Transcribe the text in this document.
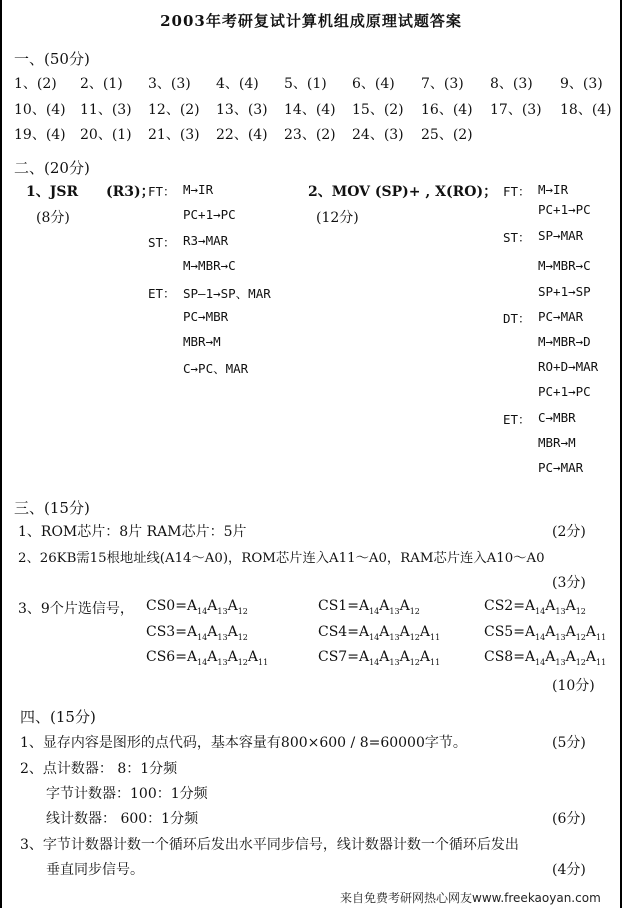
2003年考研复试计算机组成原理试题答案
一、(50分)
1、(2) 2、(1) 3、(3) 4、(4) 5、(1) 6、(4) 7、(3) 8、(3) 9、(3)
10、(4) 11、(3) 12、(2) 13、(3) 14、(4) 15、(2) 16、(4) 17、(3) 18、(4)
19、(4) 20、(1) 21、(3) 22、(4) 23、(2) 24、(3) 25、(2)
二、(20分)
1、JSR (R3)；
(8分)
FT： M→IR
PC+1→PC
ST： R3→MAR
M→MBR→C
ET： SP—1→SP、MAR
PC→MBR
MBR→M
C→PC、MAR
2、MOV (SP)+ , X(RO)；
(12分)
FT： M→IR
PC+1→PC
ST： SP→MAR
M→MBR→C
SP+1→SP
DT： PC→MAR
M→MBR→D
RO+D→MAR
PC+1→PC
ET： C→MBR
MBR→M
PC→MAR
三、(15分)
1、ROM芯片：8片 RAM芯片：5片	(2分)
2、26KB需15根地址线(A14～A0)，ROM芯片连入A11～A0，RAM芯片连入A10～A0
(3分)
3、9个片选信号， $CS0=A_{14}A_{13}A_{12}$	$CS1=A_{14}A_{13}A_{12}$	$CS2=A_{14}A_{13}A_{12}$
$CS3=A_{14}A_{13}A_{12}$	$CS4=A_{14}A_{13}A_{12}A_{11}$	$CS5=A_{14}A_{13}A_{12}A_{11}$
$CS6=A_{14}A_{13}A_{12}A_{11}$	$CS7=A_{14}A_{13}A_{12}A_{11}$	$CS8=A_{14}A_{13}A_{12}A_{11}$
(10分)
四、(15分)
1、显存内容是图形的点代码，基本容量有800×600 / 8=60000字节。	(5分)
2、点计数器： 8：1分频
字节计数器：100：1分频
线计数器： 600：1分频	(6分)
3、字节计数器计数一个循环后发出水平同步信号，线计数器计数一个循环后发出
垂直同步信号。	(4分)
来自免费考研网热心网友www.freekaoyan.com
